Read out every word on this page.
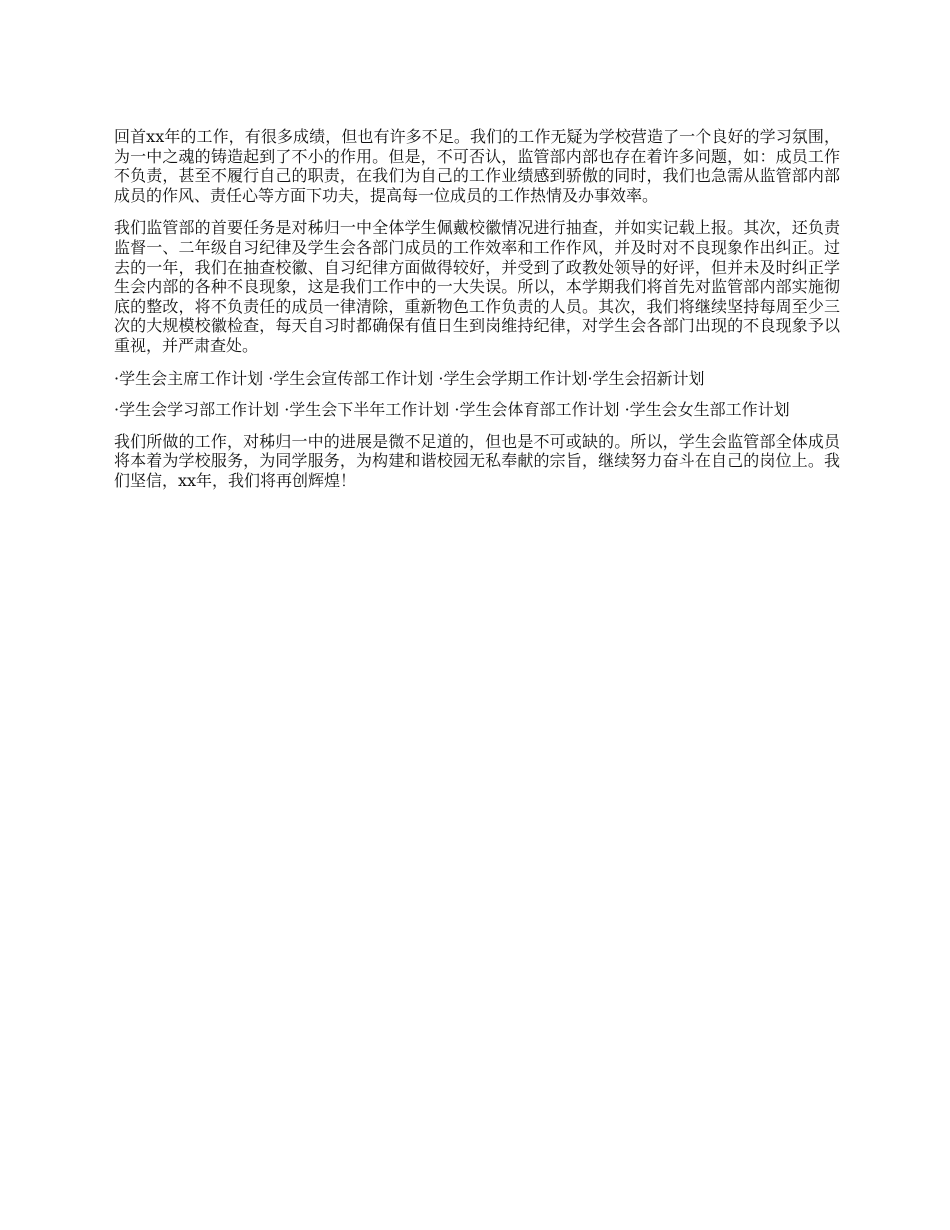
回首xx年的工作，有很多成绩，但也有许多不足。我们的工作无疑为学校营造了一个良好的学习氛围，为一中之魂的铸造起到了不小的作用。但是，不可否认，监管部内部也存在着许多问题，如：成员工作不负责，甚至不履行自己的职责，在我们为自己的工作业绩感到骄傲的同时，我们也急需从监管部内部成员的作风、责任心等方面下功夫，提高每一位成员的工作热情及办事效率。

我们监管部的首要任务是对秭归一中全体学生佩戴校徽情况进行抽查，并如实记载上报。其次，还负责监督一、二年级自习纪律及学生会各部门成员的工作效率和工作作风，并及时对不良现象作出纠正。过去的一年，我们在抽查校徽、自习纪律方面做得较好，并受到了政教处领导的好评，但并未及时纠正学生会内部的各种不良现象，这是我们工作中的一大失误。所以，本学期我们将首先对监管部内部实施彻底的整改，将不负责任的成员一律清除，重新物色工作负责的人员。其次，我们将继续坚持每周至少三次的大规模校徽检查，每天自习时都确保有值日生到岗维持纪律，对学生会各部门出现的不良现象予以重视，并严肃查处。

·学生会主席工作计划 ·学生会宣传部工作计划 ·学生会学期工作计划·学生会招新计划

·学生会学习部工作计划 ·学生会下半年工作计划 ·学生会体育部工作计划 ·学生会女生部工作计划

我们所做的工作，对秭归一中的进展是微不足道的，但也是不可或缺的。所以，学生会监管部全体成员将本着为学校服务，为同学服务，为构建和谐校园无私奉献的宗旨，继续努力奋斗在自己的岗位上。我们坚信，xx年，我们将再创辉煌！
